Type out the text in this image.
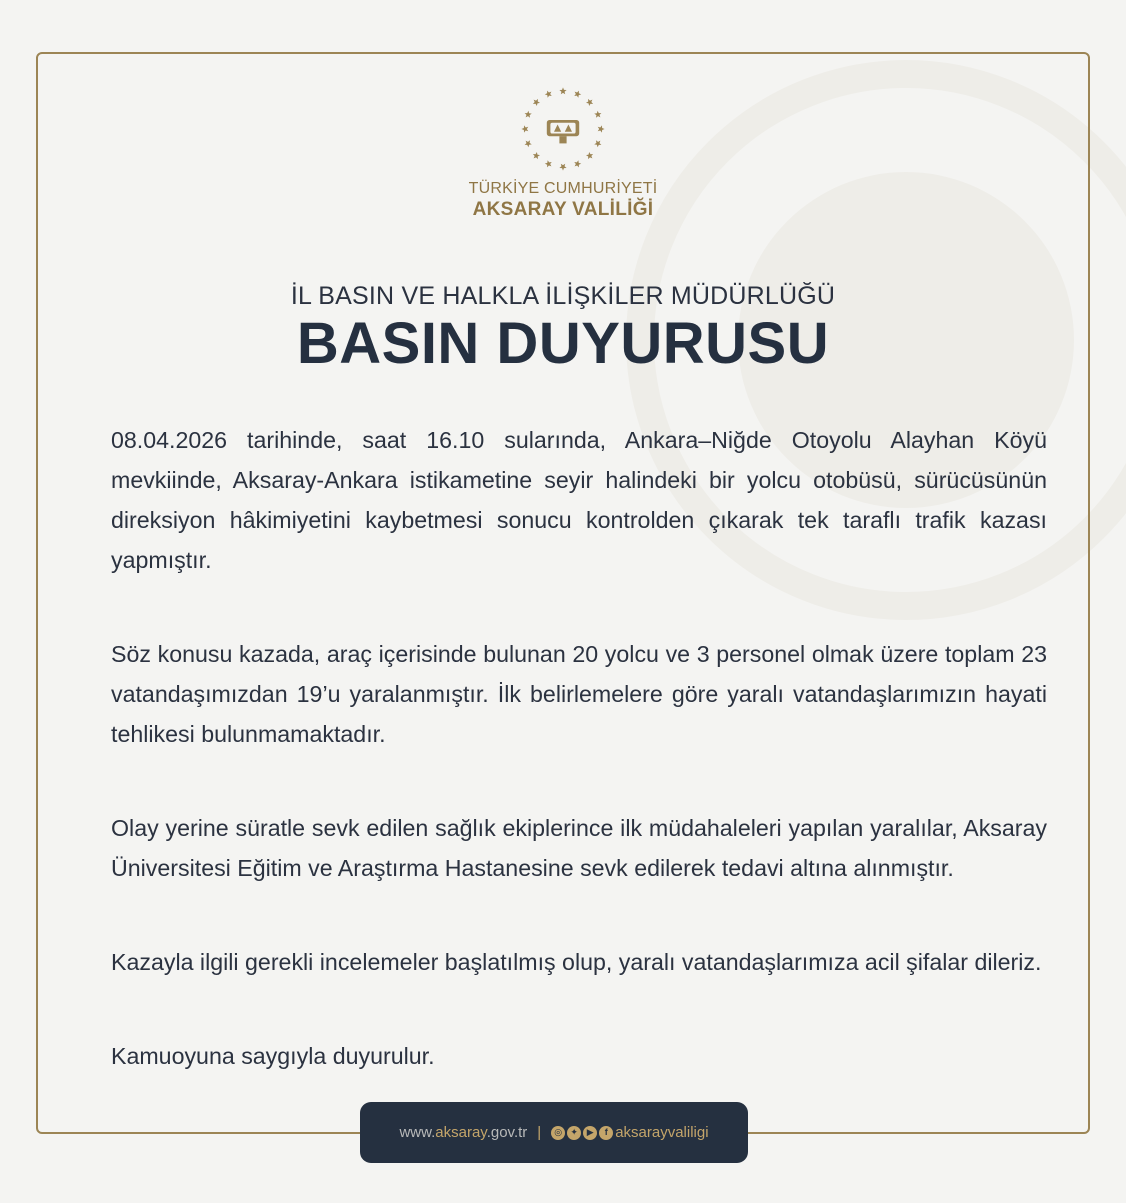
TÜRKİYE CUMHURİYETİ
AKSARAY VALİLİĞİ
İL BASIN VE HALKLA İLİŞKİLER MÜDÜRLÜĞÜ
BASIN DUYURUSU

08.04.2026 tarihinde, saat 16.10 sularında, Ankara–Niğde Otoyolu Alayhan Köyü mevkiinde, Aksaray-Ankara istikametine seyir halindeki bir yolcu otobüsü, sürücüsünün direksiyon hâkimiyetini kaybetmesi sonucu kontrolden çıkarak tek taraflı trafik kazası yapmıştır.

Söz konusu kazada, araç içerisinde bulunan 20 yolcu ve 3 personel olmak üzere toplam 23 vatandaşımızdan 19’u yaralanmıştır. İlk belirlemelere göre yaralı vatandaşlarımızın hayati tehlikesi bulunmamaktadır.

Olay yerine süratle sevk edilen sağlık ekiplerince ilk müdahaleleri yapılan yaralılar, Aksaray Üniversitesi Eğitim ve Araştırma Hastanesine sevk edilerek tedavi altına alınmıştır.

Kazayla ilgili gerekli incelemeler başlatılmış olup, yaralı vatandaşlarımıza acil şifalar dileriz.

Kamuoyuna saygıyla duyurulur.

www.aksaray.gov.tr |	◎ ✦ ▶	f aksarayvaliligi
